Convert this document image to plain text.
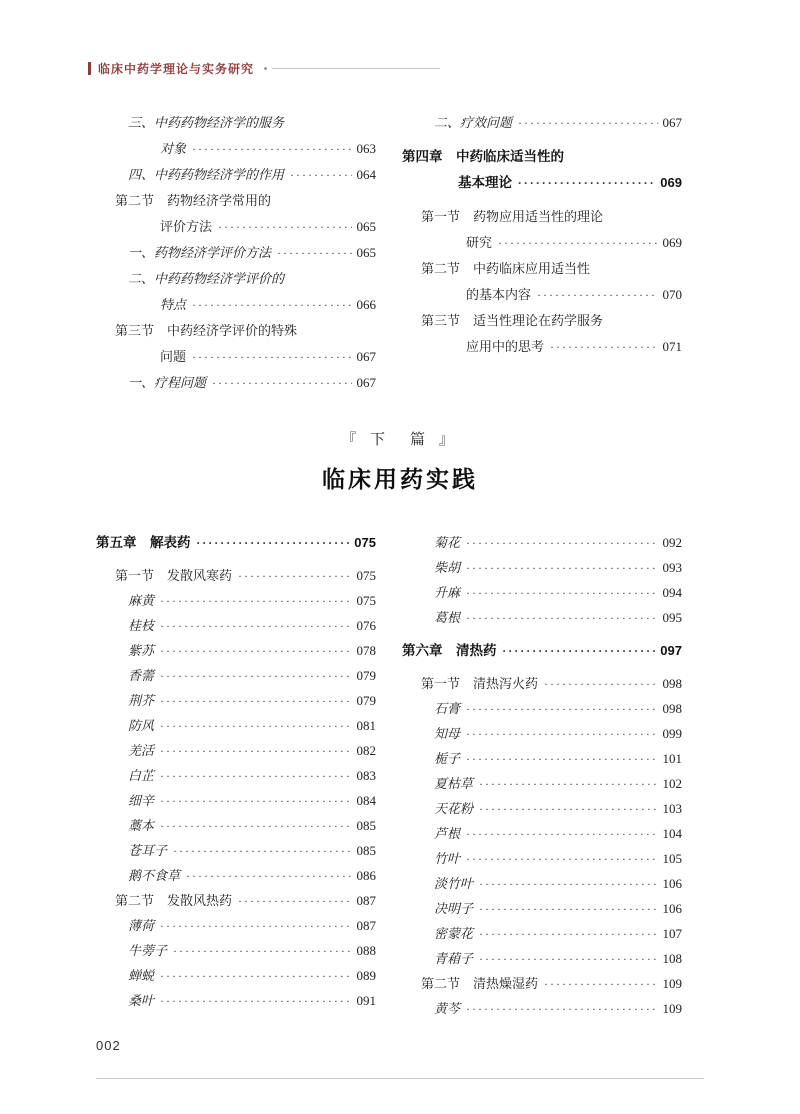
临床中药学理论与实务研究
三、中药药物经济学的服务
对象 ·····	063
四、中药药物经济学的作用 ·····	064
第二节　药物经济学常用的
评价方法 ·····	065
一、药物经济学评价方法 ·····	065
二、中药药物经济学评价的
特点 ·····	066
第三节　中药经济学评价的特殊
问题 ·····	067
一、疗程问题 ·····	067
二、疗效问题 ·····	067
第四章　中药临床适当性的
基本理论 ·····	069
第一节　药物应用适当性的理论
研究 ·····	069
第二节　中药临床应用适当性
的基本内容 ·····	070
第三节　适当性理论在药学服务
应用中的思考 ·····	071
『 下　篇 』
临床用药实践
第五章　解表药 ·····	075
第一节　发散风寒药 ·····	075
麻黄 ·····	075
桂枝 ·····	076
紫苏 ·····	078
香薷 ·····	079
荆芥 ·····	079
防风 ·····	081
羌活 ·····	082
白芷 ·····	083
细辛 ·····	084
藁本 ·····	085
苍耳子 ·····	085
鹅不食草 ·····	086
第二节　发散风热药 ·····	087
薄荷 ·····	087
牛蒡子 ·····	088
蝉蜕 ·····	089
桑叶 ·····	091
菊花 ·····	092
柴胡 ·····	093
升麻 ·····	094
葛根 ·····	095
第六章　清热药 ·····	097
第一节　清热泻火药 ·····	098
石膏 ·····	098
知母 ·····	099
栀子 ·····	101
夏枯草 ·····	102
天花粉 ·····	103
芦根 ·····	104
竹叶 ·····	105
淡竹叶 ·····	106
决明子 ·····	106
密蒙花 ·····	107
青葙子 ·····	108
第二节　清热燥湿药 ·····	109
黄芩 ·····	109
002
